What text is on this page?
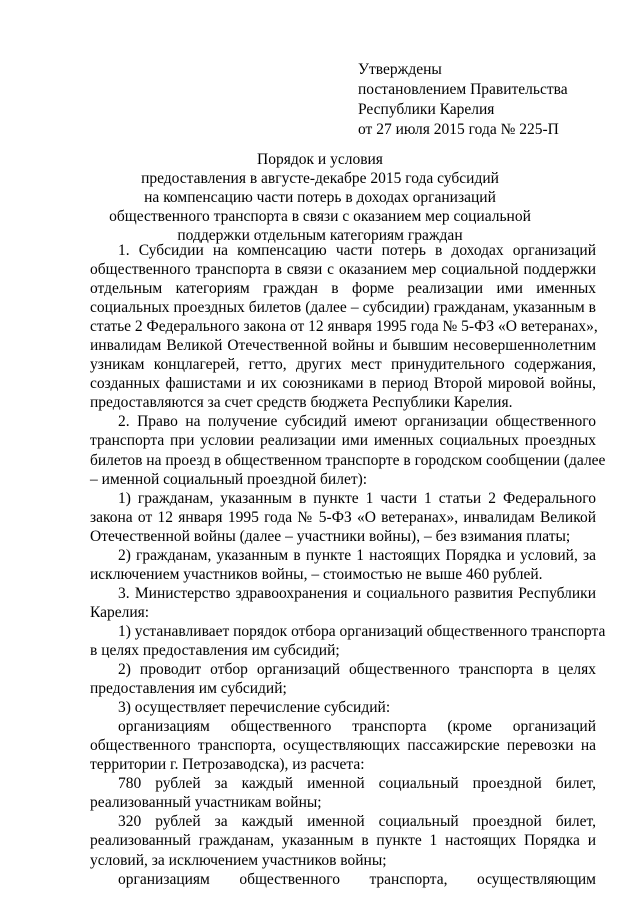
Утверждены
постановлением Правительства
Республики Карелия
от 27 июля 2015 года № 225-П
Порядок и условия
предоставления в августе-декабре 2015 года субсидий
на компенсацию части потерь в доходах организаций
общественного транспорта в связи с оказанием мер социальной
поддержки отдельным категориям граждан
1. Субсидии на компенсацию части потерь в доходах организаций
общественного транспорта в связи с оказанием мер социальной поддержки
отдельным категориям граждан в форме реализации ими именных
социальных проездных билетов (далее – субсидии) гражданам, указанным в
статье 2 Федерального закона от 12 января 1995 года № 5-ФЗ «О ветеранах»,
инвалидам Великой Отечественной войны и бывшим несовершеннолетним
узникам концлагерей, гетто, других мест принудительного содержания,
созданных фашистами и их союзниками в период Второй мировой войны,
предоставляются за счет средств бюджета Республики Карелия.
2. Право на получение субсидий имеют организации общественного
транспорта при условии реализации ими именных социальных проездных
билетов на проезд в общественном транспорте в городском сообщении (далее
– именной социальный проездной билет):
1) гражданам, указанным в пункте 1 части 1 статьи 2 Федерального
закона от 12 января 1995 года № 5-ФЗ «О ветеранах», инвалидам Великой
Отечественной войны (далее – участники войны), – без взимания платы;
2) гражданам, указанным в пункте 1 настоящих Порядка и условий, за
исключением участников войны, – стоимостью не выше 460 рублей.
3. Министерство здравоохранения и социального развития Республики
Карелия:
1) устанавливает порядок отбора организаций общественного транспорта
в целях предоставления им субсидий;
2) проводит отбор организаций общественного транспорта в целях
предоставления им субсидий;
3) осуществляет перечисление субсидий:
организациям общественного транспорта (кроме организаций
общественного транспорта, осуществляющих пассажирские перевозки на
территории г. Петрозаводска), из расчета:
780 рублей за каждый именной социальный проездной билет,
реализованный участникам войны;
320 рублей за каждый именной социальный проездной билет,
реализованный гражданам, указанным в пункте 1 настоящих Порядка и
условий, за исключением участников войны;
организациям общественного транспорта, осуществляющим
